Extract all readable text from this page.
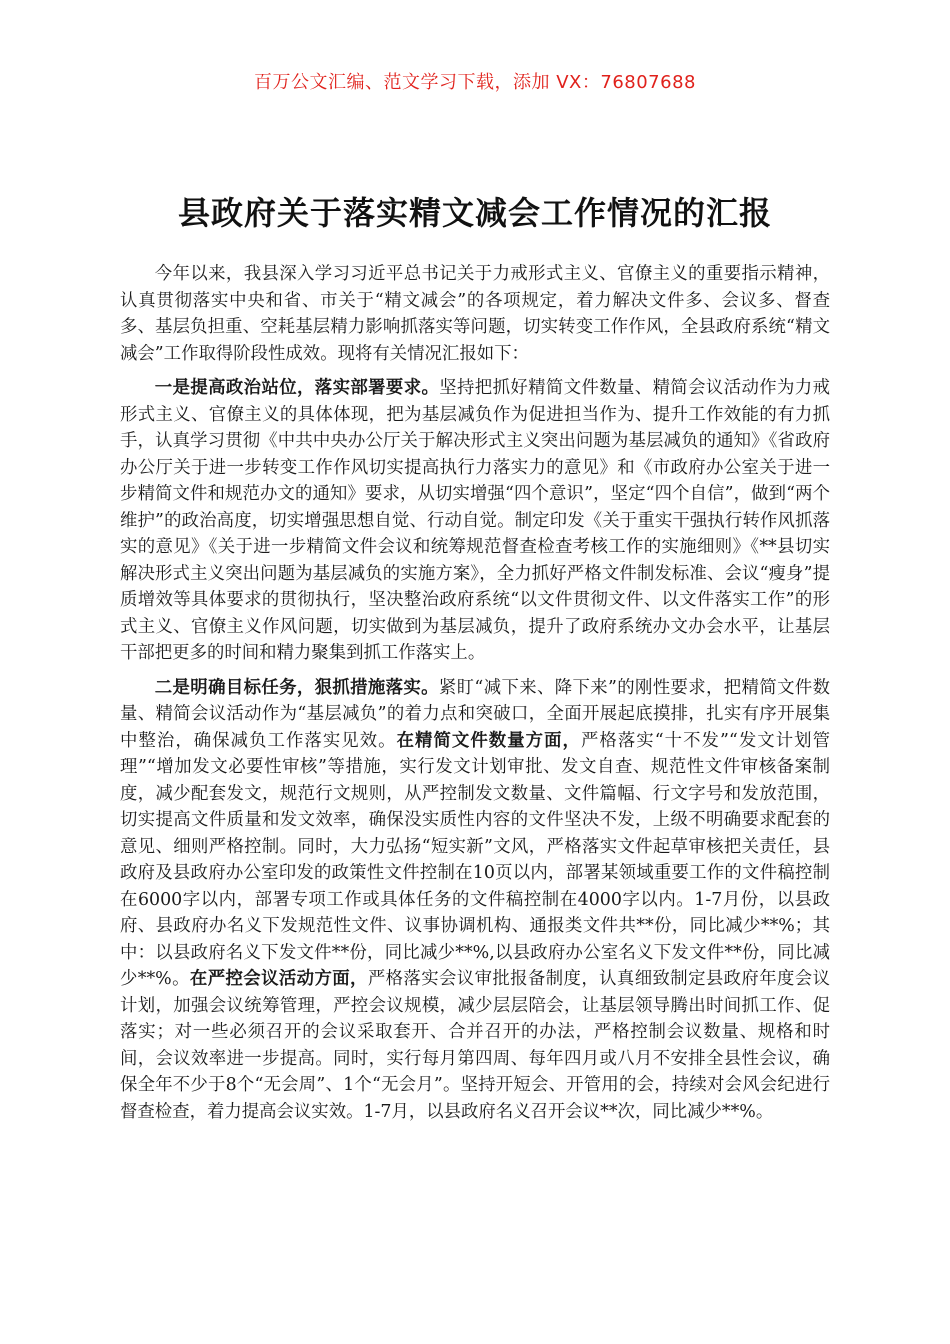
百万公文汇编、范文学习下载，添加 VX：76807688
县政府关于落实精文减会工作情况的汇报

今年以来，我县深入学习习近平总书记关于力戒形式主义、官僚主义的重要指示精神，认真贯彻落实中央和省、市关于“精文减会”的各项规定，着力解决文件多、会议多、督查多、基层负担重、空耗基层精力影响抓落实等问题，切实转变工作作风，全县政府系统“精文减会”工作取得阶段性成效。现将有关情况汇报如下：

一是提高政治站位，落实部署要求。坚持把抓好精简文件数量、精简会议活动作为力戒形式主义、官僚主义的具体体现，把为基层减负作为促进担当作为、提升工作效能的有力抓手，认真学习贯彻《中共中央办公厅关于解决形式主义突出问题为基层减负的通知》《省政府办公厅关于进一步转变工作作风切实提高执行力落实力的意见》和《市政府办公室关于进一步精简文件和规范办文的通知》要求，从切实增强“四个意识”，坚定“四个自信”，做到“两个维护”的政治高度，切实增强思想自觉、行动自觉。制定印发《关于重实干强执行转作风抓落实的意见》《关于进一步精简文件会议和统筹规范督查检查考核工作的实施细则》《**县切实解决形式主义突出问题为基层减负的实施方案》，全力抓好严格文件制发标准、会议“瘦身”提质增效等具体要求的贯彻执行，坚决整治政府系统“以文件贯彻文件、以文件落实工作”的形式主义、官僚主义作风问题，切实做到为基层减负，提升了政府系统办文办会水平，让基层干部把更多的时间和精力聚集到抓工作落实上。

二是明确目标任务，狠抓措施落实。紧盯“减下来、降下来”的刚性要求，把精简文件数量、精简会议活动作为“基层减负”的着力点和突破口，全面开展起底摸排，扎实有序开展集中整治，确保减负工作落实见效。在精简文件数量方面，严格落实“十不发”“发文计划管理”“增加发文必要性审核”等措施，实行发文计划审批、发文自查、规范性文件审核备案制度，减少配套发文，规范行文规则，从严控制发文数量、文件篇幅、行文字号和发放范围，切实提高文件质量和发文效率，确保没实质性内容的文件坚决不发，上级不明确要求配套的意见、细则严格控制。同时，大力弘扬“短实新”文风，严格落实文件起草审核把关责任，县政府及县政府办公室印发的政策性文件控制在10页以内，部署某领域重要工作的文件稿控制在6000字以内，部署专项工作或具体任务的文件稿控制在4000字以内。1-7月份，以县政府、县政府办名义下发规范性文件、议事协调机构、通报类文件共**份，同比减少**%；其中：以县政府名义下发文件**份，同比减少**%,以县政府办公室名义下发文件**份，同比减少**%。在严控会议活动方面，严格落实会议审批报备制度，认真细致制定县政府年度会议计划，加强会议统筹管理，严控会议规模，减少层层陪会，让基层领导腾出时间抓工作、促落实；对一些必须召开的会议采取套开、合并召开的办法，严格控制会议数量、规格和时间，会议效率进一步提高。同时，实行每月第四周、每年四月或八月不安排全县性会议，确保全年不少于8个“无会周”、1个“无会月”。坚持开短会、开管用的会，持续对会风会纪进行督查检查，着力提高会议实效。1-7月，以县政府名义召开会议**次，同比减少**%。
